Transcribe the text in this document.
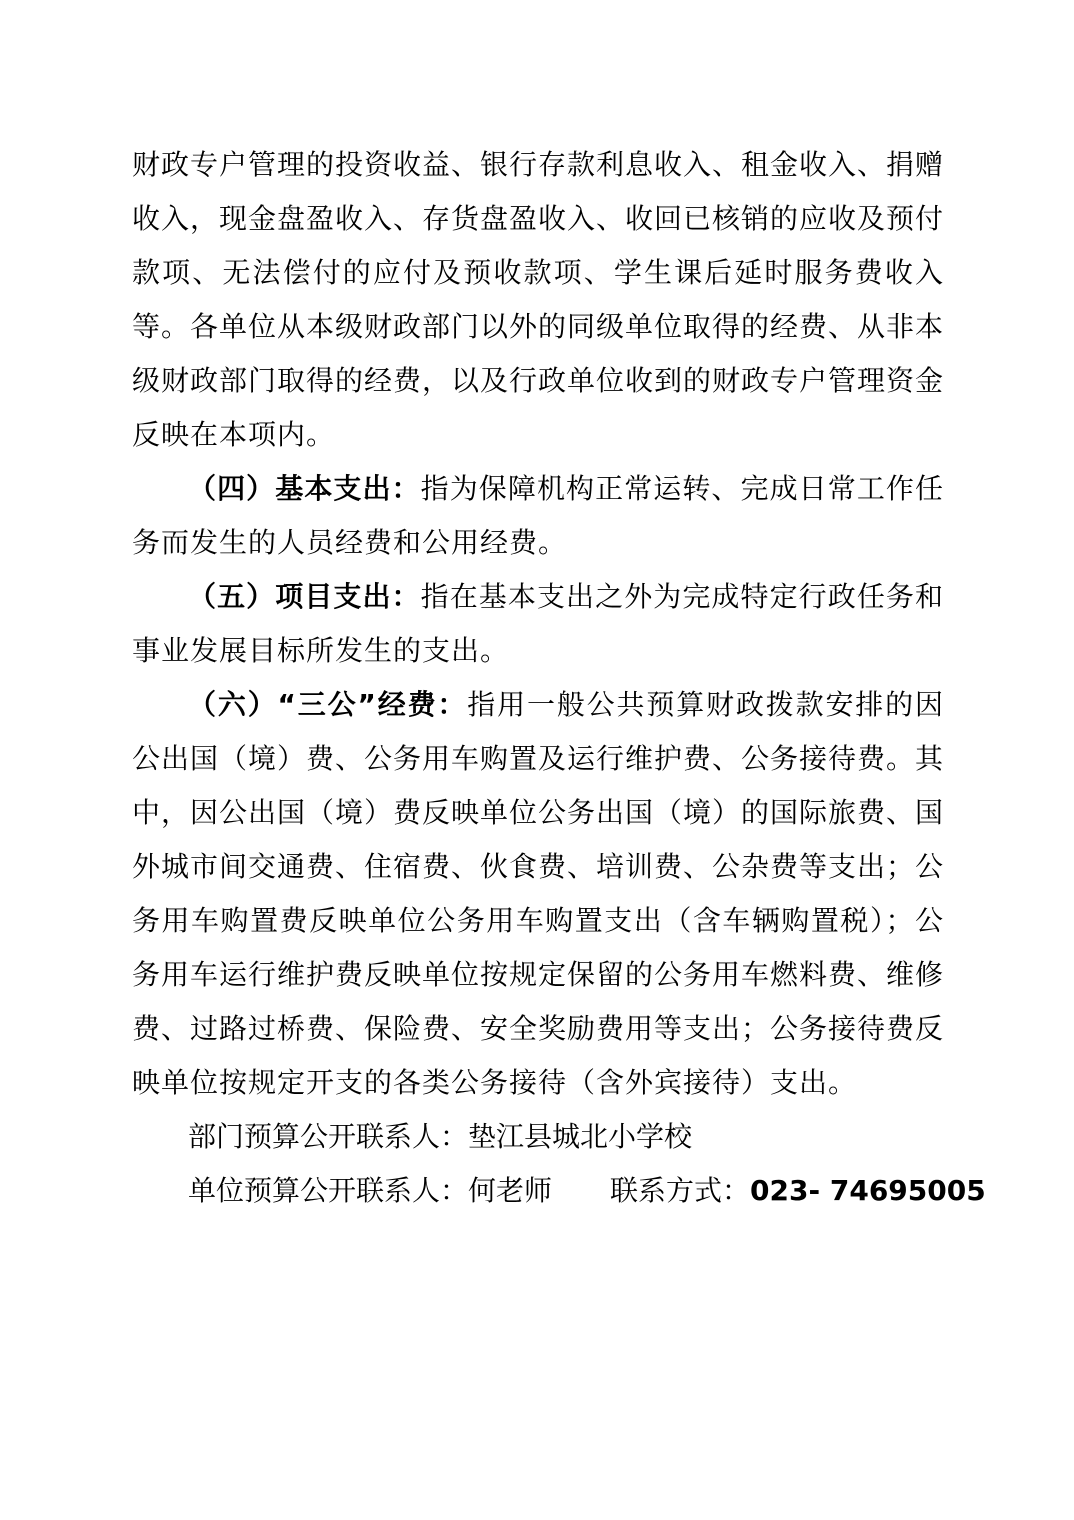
财政专户管理的投资收益、银行存款利息收入、租金收入、捐赠收入，现金盘盈收入、存货盘盈收入、收回已核销的应收及预付款项、无法偿付的应付及预收款项、学生课后延时服务费收入等。各单位从本级财政部门以外的同级单位取得的经费、从非本级财政部门取得的经费，以及行政单位收到的财政专户管理资金反映在本项内。

（四）基本支出：指为保障机构正常运转、完成日常工作任务而发生的人员经费和公用经费。

（五）项目支出：指在基本支出之外为完成特定行政任务和事业发展目标所发生的支出。

（六）“三公”经费：指用一般公共预算财政拨款安排的因公出国（境）费、公务用车购置及运行维护费、公务接待费。其中，因公出国（境）费反映单位公务出国（境）的国际旅费、国外城市间交通费、住宿费、伙食费、培训费、公杂费等支出；公务用车购置费反映单位公务用车购置支出（含车辆购置税）；公务用车运行维护费反映单位按规定保留的公务用车燃料费、维修费、过路过桥费、保险费、安全奖励费用等支出；公务接待费反映单位按规定开支的各类公务接待（含外宾接待）支出。

部门预算公开联系人：垫江县城北小学校

单位预算公开联系人：何老师 联系方式：023- 74695005
